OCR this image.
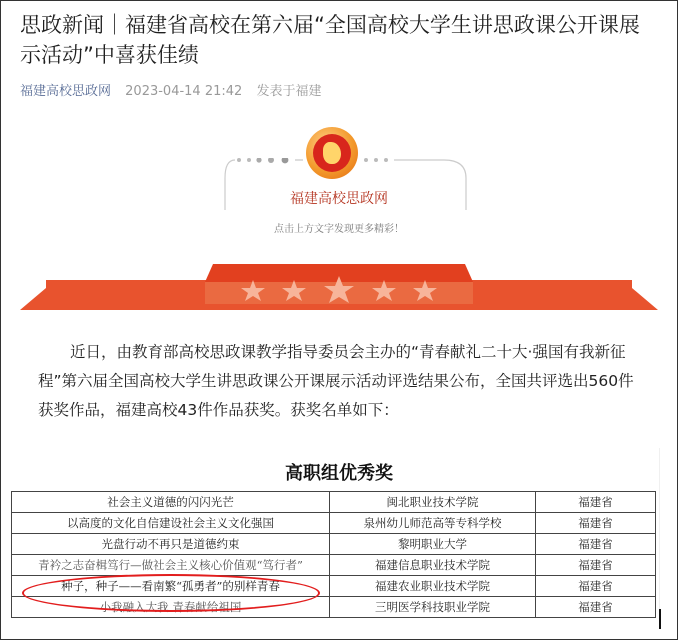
思政新闻｜福建省高校在第六届“全国高校大学生讲思政课公开课展示活动”中喜获佳绩
福建高校思政网 2023-04-14 21:42 发表于福建
福建高校思政网
点击上方文字发现更多精彩！

近日，由教育部高校思政课教学指导委员会主办的“青春献礼二十大·强国有我新征程”第六届全国高校大学生讲思政课公开课展示活动评选结果公布，全国共评选出560件获奖作品，福建高校43件作品获奖。获奖名单如下：

高职组优秀奖
社会主义道德的闪闪光芒	闽北职业技术学院	福建省
以高度的文化自信建设社会主义文化强国	泉州幼儿师范高等专科学校	福建省
光盘行动不再只是道德约束	黎明职业大学	福建省
青衿之志奋楫笃行—做社会主义核心价值观“笃行者”	福建信息职业技术学院	福建省
种子，种子——看南繁“孤勇者”的别样青春	福建农业职业技术学院	福建省
小我融入大我 青春献给祖国	三明医学科技职业学院	福建省
